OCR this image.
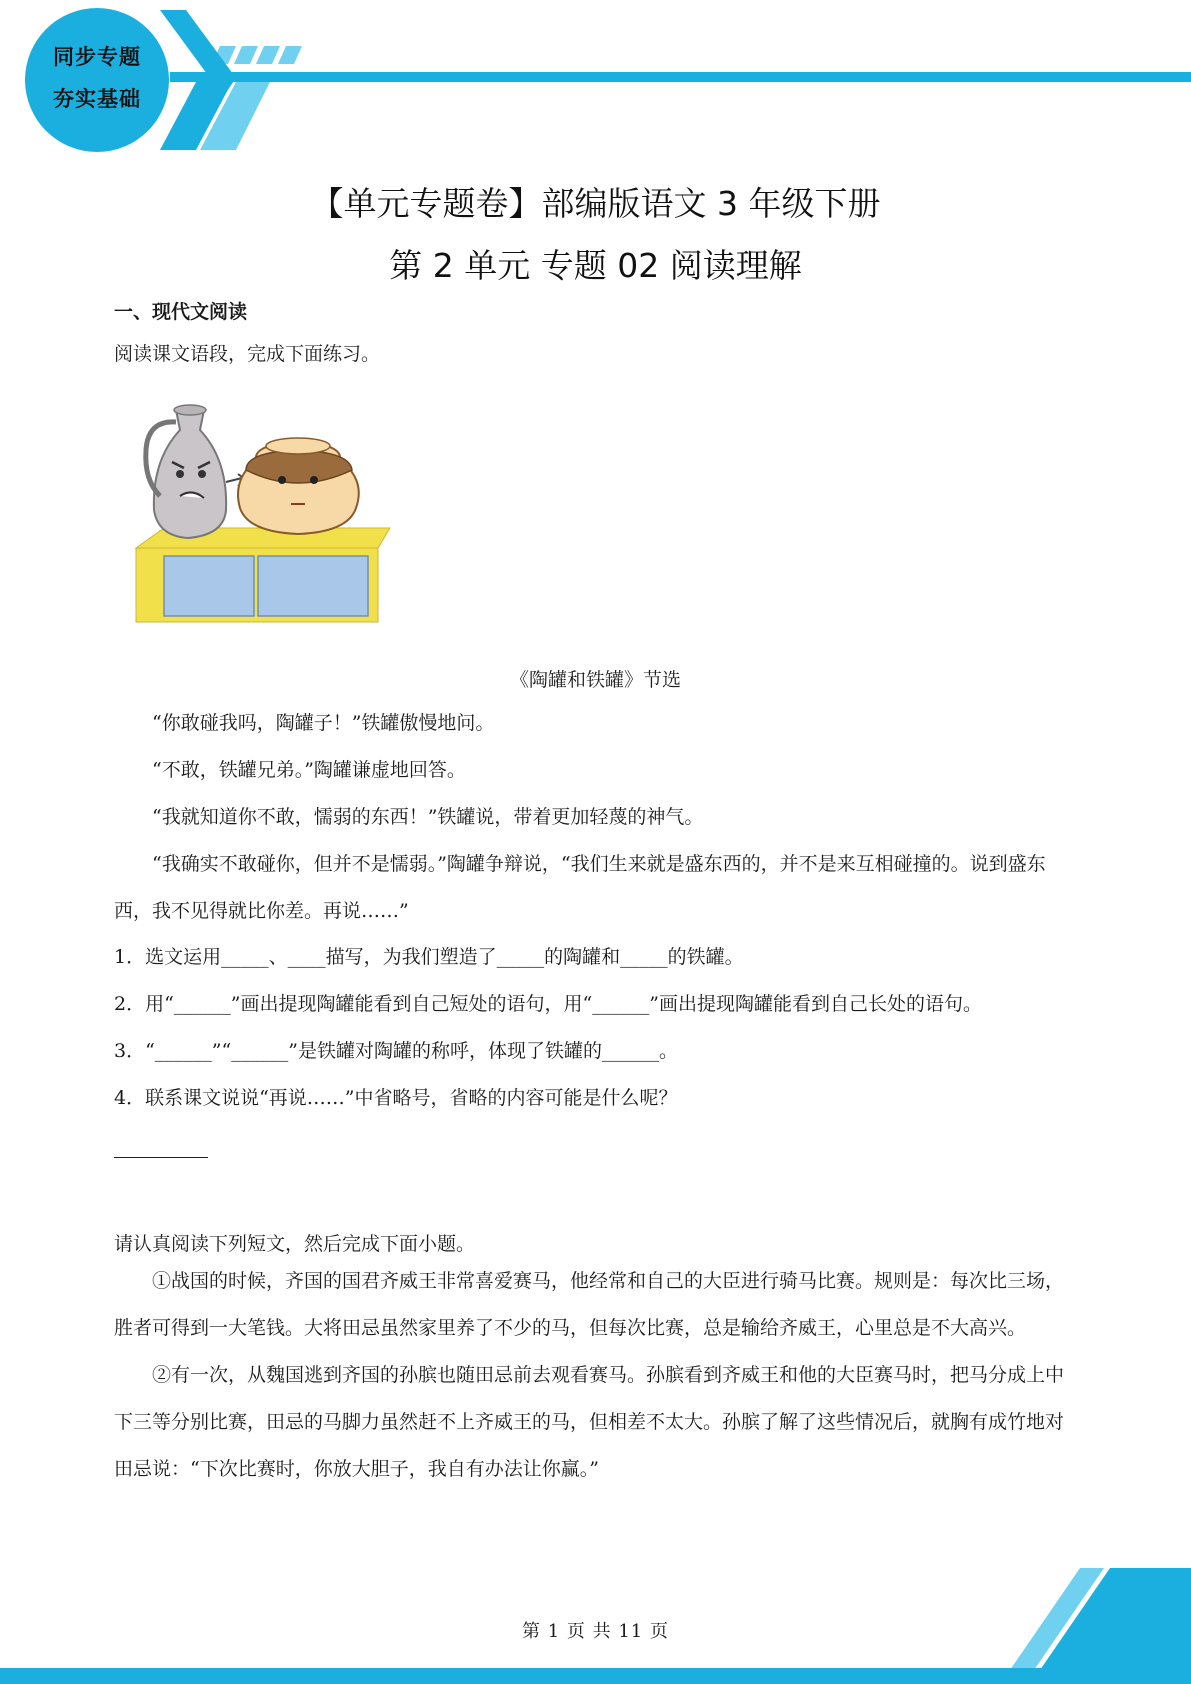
同步专题
夯实基础
【单元专题卷】部编版语文 3 年级下册
第 2 单元 专题 02 阅读理解
一、现代文阅读

阅读课文语段，完成下面练习。

《陶罐和铁罐》节选

“你敢碰我吗，陶罐子！”铁罐傲慢地问。

“不敢，铁罐兄弟。”陶罐谦虚地回答。

“我就知道你不敢，懦弱的东西！”铁罐说，带着更加轻蔑的神气。

“我确实不敢碰你，但并不是懦弱。”陶罐争辩说，“我们生来就是盛东西的，并不是来互相碰撞的。说到盛东西，我不见得就比你差。再说……”

1．选文运用_____、____描写，为我们塑造了_____的陶罐和_____的铁罐。
2．用“______”画出提现陶罐能看到自己短处的语句，用“______”画出提现陶罐能看到自己长处的语句。
3．“______”“______”是铁罐对陶罐的称呼，体现了铁罐的______。
4．联系课文说说“再说……”中省略号，省略的内容可能是什么呢？

请认真阅读下列短文，然后完成下面小题。

①战国的时候，齐国的国君齐威王非常喜爱赛马，他经常和自己的大臣进行骑马比赛。规则是：每次比三场，胜者可得到一大笔钱。大将田忌虽然家里养了不少的马，但每次比赛，总是输给齐威王，心里总是不大高兴。

②有一次，从魏国逃到齐国的孙膑也随田忌前去观看赛马。孙膑看到齐威王和他的大臣赛马时，把马分成上中下三等分别比赛，田忌的马脚力虽然赶不上齐威王的马，但相差不太大。孙膑了解了这些情况后，就胸有成竹地对田忌说：“下次比赛时，你放大胆子，我自有办法让你赢。”

第 1 页 共 11 页
